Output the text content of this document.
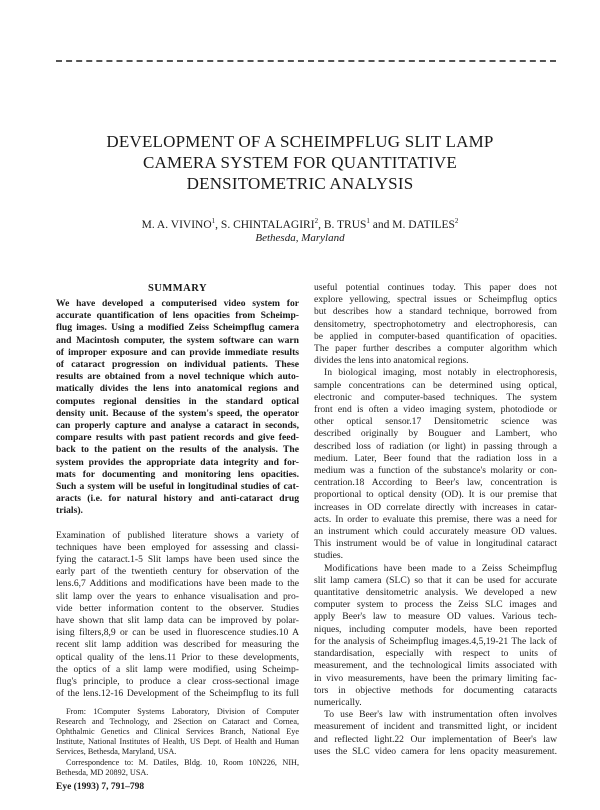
DEVELOPMENT OF A SCHEIMPFLUG SLIT LAMP
CAMERA SYSTEM FOR QUANTITATIVE
DENSITOMETRIC ANALYSIS
M. A. VIVINO$^1$, S. CHINTALAGIRI$^2$, B. TRUS$^1$ and M. DATILES$^2$
Bethesda, Maryland
SUMMARY
We have developed a computerised video system for
accurate quantification of lens opacities from Scheimp-
flug images. Using a modified Zeiss Scheimpflug camera
and Macintosh computer, the system software can warn
of improper exposure and can provide immediate results
of cataract progression on individual patients. These
results are obtained from a novel technique which auto-
matically divides the lens into anatomical regions and
computes regional densities in the standard optical
density unit. Because of the system's speed, the operator
can properly capture and analyse a cataract in seconds,
compare results with past patient records and give feed-
back to the patient on the results of the analysis. The
system provides the appropriate data integrity and for-
mats for documenting and monitoring lens opacities.
Such a system will be useful in longitudinal studies of cat-
aracts (i.e. for natural history and anti-cataract drug
trials).
Examination of published literature shows a variety of
techniques have been employed for assessing and classi-
fying the cataract.1-5 Slit lamps have been used since the
early part of the twentieth century for observation of the
lens.6,7 Additions and modifications have been made to the
slit lamp over the years to enhance visualisation and pro-
vide better information content to the observer. Studies
have shown that slit lamp data can be improved by polar-
ising filters,8,9 or can be used in fluorescence studies.10 A
recent slit lamp addition was described for measuring the
optical quality of the lens.11 Prior to these developments,
the optics of a slit lamp were modified, using Scheimp-
flug's principle, to produce a clear cross-sectional image
of the lens.12-16 Development of the Scheimpflug to its full
From: 1Computer Systems Laboratory, Division of Computer
Research and Technology, and 2Section on Cataract and Cornea,
Ophthalmic Genetics and Clinical Services Branch, National Eye
Institute, National Institutes of Health, US Dept. of Health and Human
Services, Bethesda, Maryland, USA.
Correspondence to: M. Datiles, Bldg. 10, Room 10N226, NIH,
Bethesda, MD 20892, USA.
useful potential continues today. This paper does not
explore yellowing, spectral issues or Scheimpflug optics
but describes how a standard technique, borrowed from
densitometry, spectrophotometry and electrophoresis, can
be applied in computer-based quantification of opacities.
The paper further describes a computer algorithm which
divides the lens into anatomical regions.
In biological imaging, most notably in electrophoresis,
sample concentrations can be determined using optical,
electronic and computer-based techniques. The system
front end is often a video imaging system, photodiode or
other optical sensor.17 Densitometric science was
described originally by Bouguer and Lambert, who
described loss of radiation (or light) in passing through a
medium. Later, Beer found that the radiation loss in a
medium was a function of the substance's molarity or con-
centration.18 According to Beer's law, concentration is
proportional to optical density (OD). It is our premise that
increases in OD correlate directly with increases in catar-
acts. In order to evaluate this premise, there was a need for
an instrument which could accurately measure OD values.
This instrument would be of value in longitudinal cataract
studies.
Modifications have been made to a Zeiss Scheimpflug
slit lamp camera (SLC) so that it can be used for accurate
quantitative densitometric analysis. We developed a new
computer system to process the Zeiss SLC images and
apply Beer's law to measure OD values. Various tech-
niques, including computer models, have been reported
for the analysis of Scheimpflug images.4,5,19-21 The lack of
standardisation, especially with respect to units of
measurement, and the technological limits associated with
in vivo measurements, have been the primary limiting fac-
tors in objective methods for documenting cataracts
numerically.
To use Beer's law with instrumentation often involves
measurement of incident and transmitted light, or incident
and reflected light.22 Our implementation of Beer's law
uses the SLC video camera for lens opacity measurement.
Eye (1993) 7, 791–798
